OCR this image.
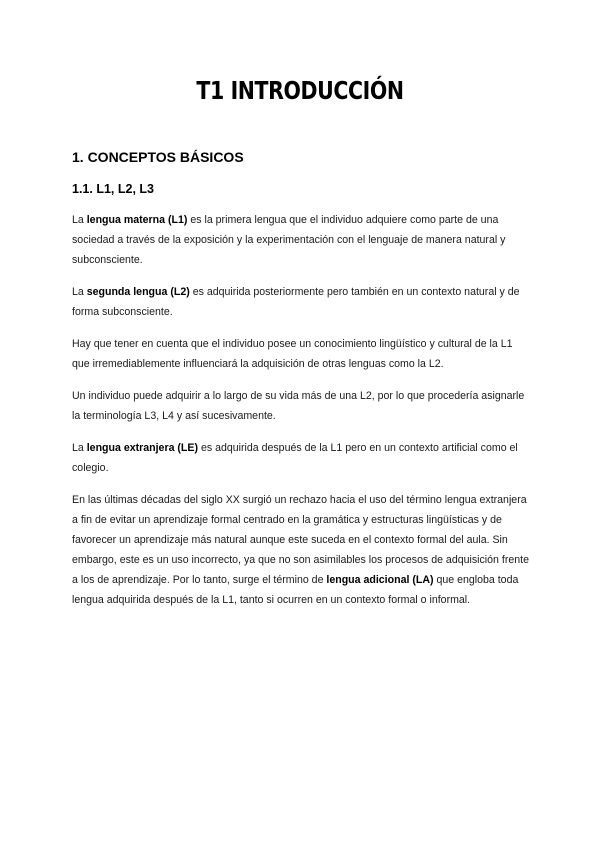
T1 INTRODUCCIÓN
1. CONCEPTOS BÁSICOS
1.1. L1, L2, L3

La lengua materna (L1) es la primera lengua que el individuo adquiere como parte de una sociedad a través de la exposición y la experimentación con el lenguaje de manera natural y subconsciente.

La segunda lengua (L2) es adquirida posteriormente pero también en un contexto natural y de forma subconsciente.

Hay que tener en cuenta que el individuo posee un conocimiento lingüístico y cultural de la L1 que irremediablemente influenciará la adquisición de otras lenguas como la L2.

Un individuo puede adquirir a lo largo de su vida más de una L2, por lo que procedería asignarle la terminología L3, L4 y así sucesivamente.

La lengua extranjera (LE) es adquirida después de la L1 pero en un contexto artificial como el colegio.

En las últimas décadas del siglo XX surgió un rechazo hacia el uso del término lengua extranjera a fin de evitar un aprendizaje formal centrado en la gramática y estructuras lingüísticas y de favorecer un aprendizaje más natural aunque este suceda en el contexto formal del aula. Sin embargo, este es un uso incorrecto, ya que no son asimilables los procesos de adquisición frente a los de aprendizaje. Por lo tanto, surge el término de lengua adicional (LA) que engloba toda lengua adquirida después de la L1, tanto si ocurren en un contexto formal o informal.
